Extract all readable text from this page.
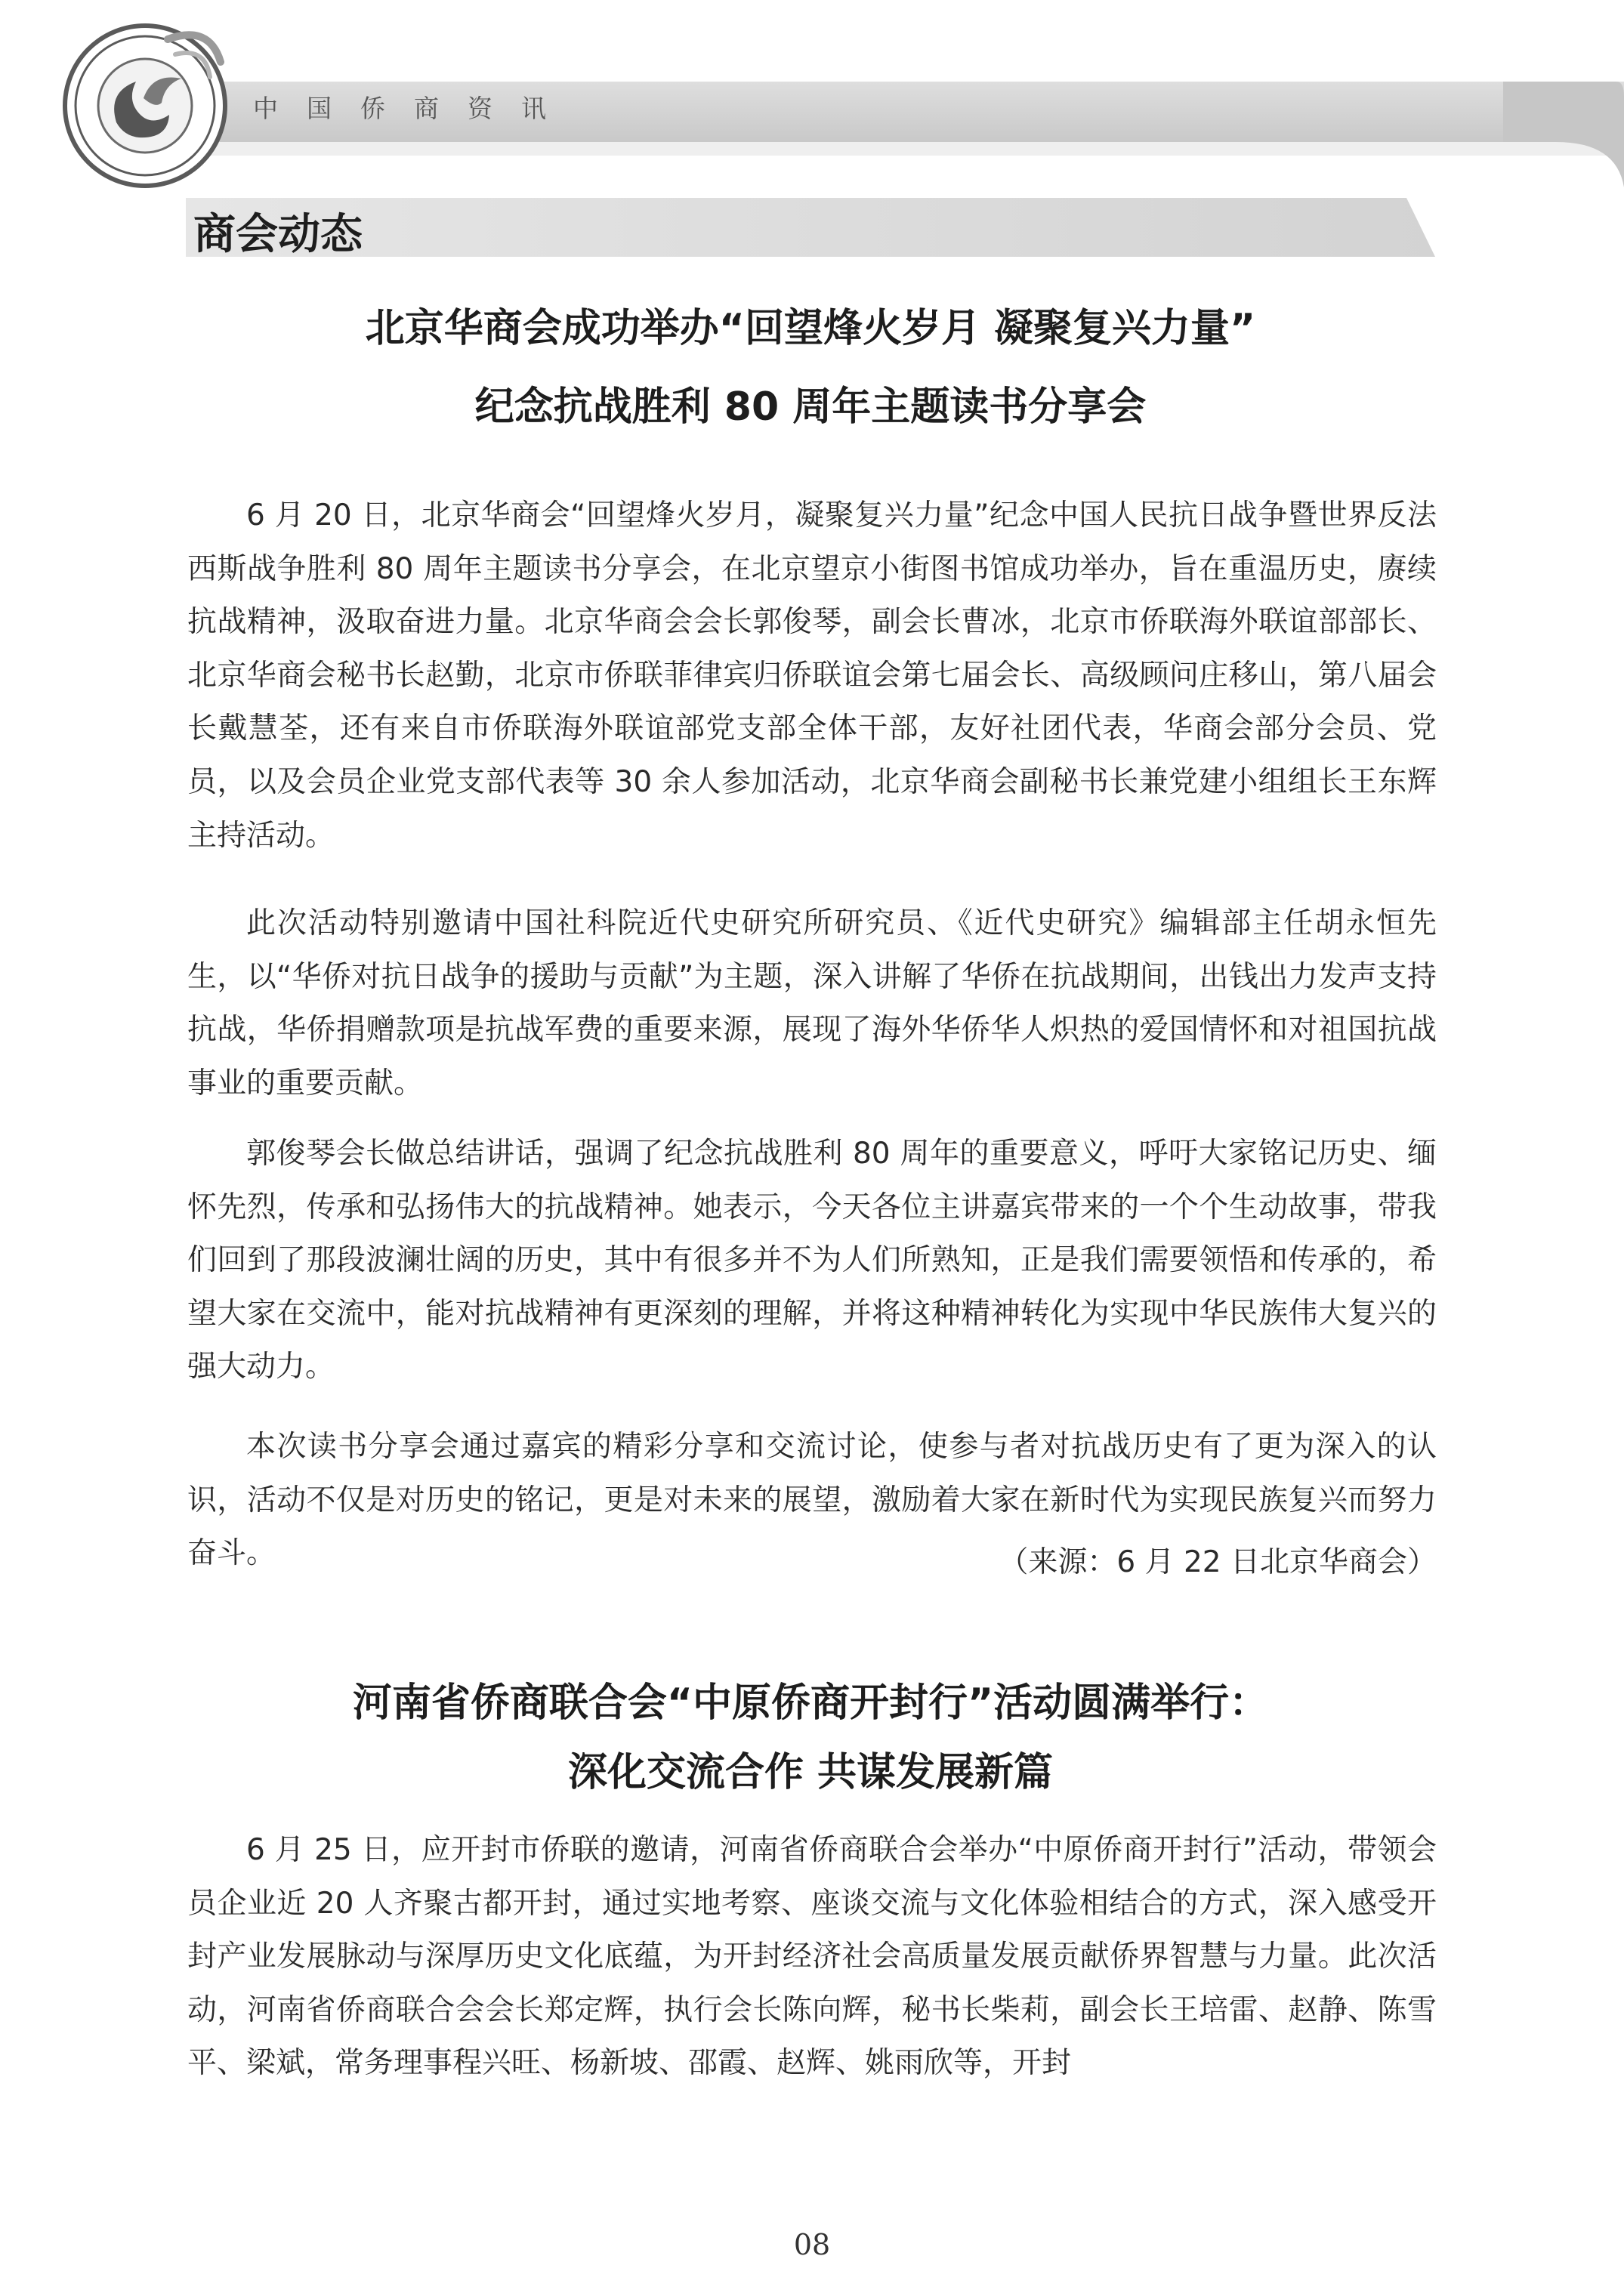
中国侨商资讯
商会动态
北京华商会成功举办“回望烽火岁月 凝聚复兴力量”
纪念抗战胜利 80 周年主题读书分享会

6 月 20 日，北京华商会“回望烽火岁月，凝聚复兴力量”纪念中国人民抗日战争暨世界反法西斯战争胜利 80 周年主题读书分享会，在北京望京小街图书馆成功举办，旨在重温历史，赓续抗战精神，汲取奋进力量。北京华商会会长郭俊琴，副会长曹冰，北京市侨联海外联谊部部长、北京华商会秘书长赵勤，北京市侨联菲律宾归侨联谊会第七届会长、高级顾问庄移山，第八届会长戴慧荃，还有来自市侨联海外联谊部党支部全体干部，友好社团代表，华商会部分会员、党员，以及会员企业党支部代表等 30 余人参加活动，北京华商会副秘书长兼党建小组组长王东辉主持活动。

此次活动特别邀请中国社科院近代史研究所研究员、《近代史研究》编辑部主任胡永恒先生，以“华侨对抗日战争的援助与贡献”为主题，深入讲解了华侨在抗战期间，出钱出力发声支持抗战，华侨捐赠款项是抗战军费的重要来源，展现了海外华侨华人炽热的爱国情怀和对祖国抗战事业的重要贡献。

郭俊琴会长做总结讲话，强调了纪念抗战胜利 80 周年的重要意义，呼吁大家铭记历史、缅怀先烈，传承和弘扬伟大的抗战精神。她表示，今天各位主讲嘉宾带来的一个个生动故事，带我们回到了那段波澜壮阔的历史，其中有很多并不为人们所熟知，正是我们需要领悟和传承的，希望大家在交流中，能对抗战精神有更深刻的理解，并将这种精神转化为实现中华民族伟大复兴的强大动力。

本次读书分享会通过嘉宾的精彩分享和交流讨论，使参与者对抗战历史有了更为深入的认识，活动不仅是对历史的铭记，更是对未来的展望，激励着大家在新时代为实现民族复兴而努力奋斗。	（来源：6 月 22 日北京华商会）
河南省侨商联合会“中原侨商开封行”活动圆满举行：
深化交流合作 共谋发展新篇

6 月 25 日，应开封市侨联的邀请，河南省侨商联合会举办“中原侨商开封行”活动，带领会员企业近 20 人齐聚古都开封，通过实地考察、座谈交流与文化体验相结合的方式，深入感受开封产业发展脉动与深厚历史文化底蕴，为开封经济社会高质量发展贡献侨界智慧与力量。此次活动，河南省侨商联合会会长郑定辉，执行会长陈向辉，秘书长柴莉，副会长王培雷、赵静、陈雪平、梁斌，常务理事程兴旺、杨新坡、邵霞、赵辉、姚雨欣等，开封

08
